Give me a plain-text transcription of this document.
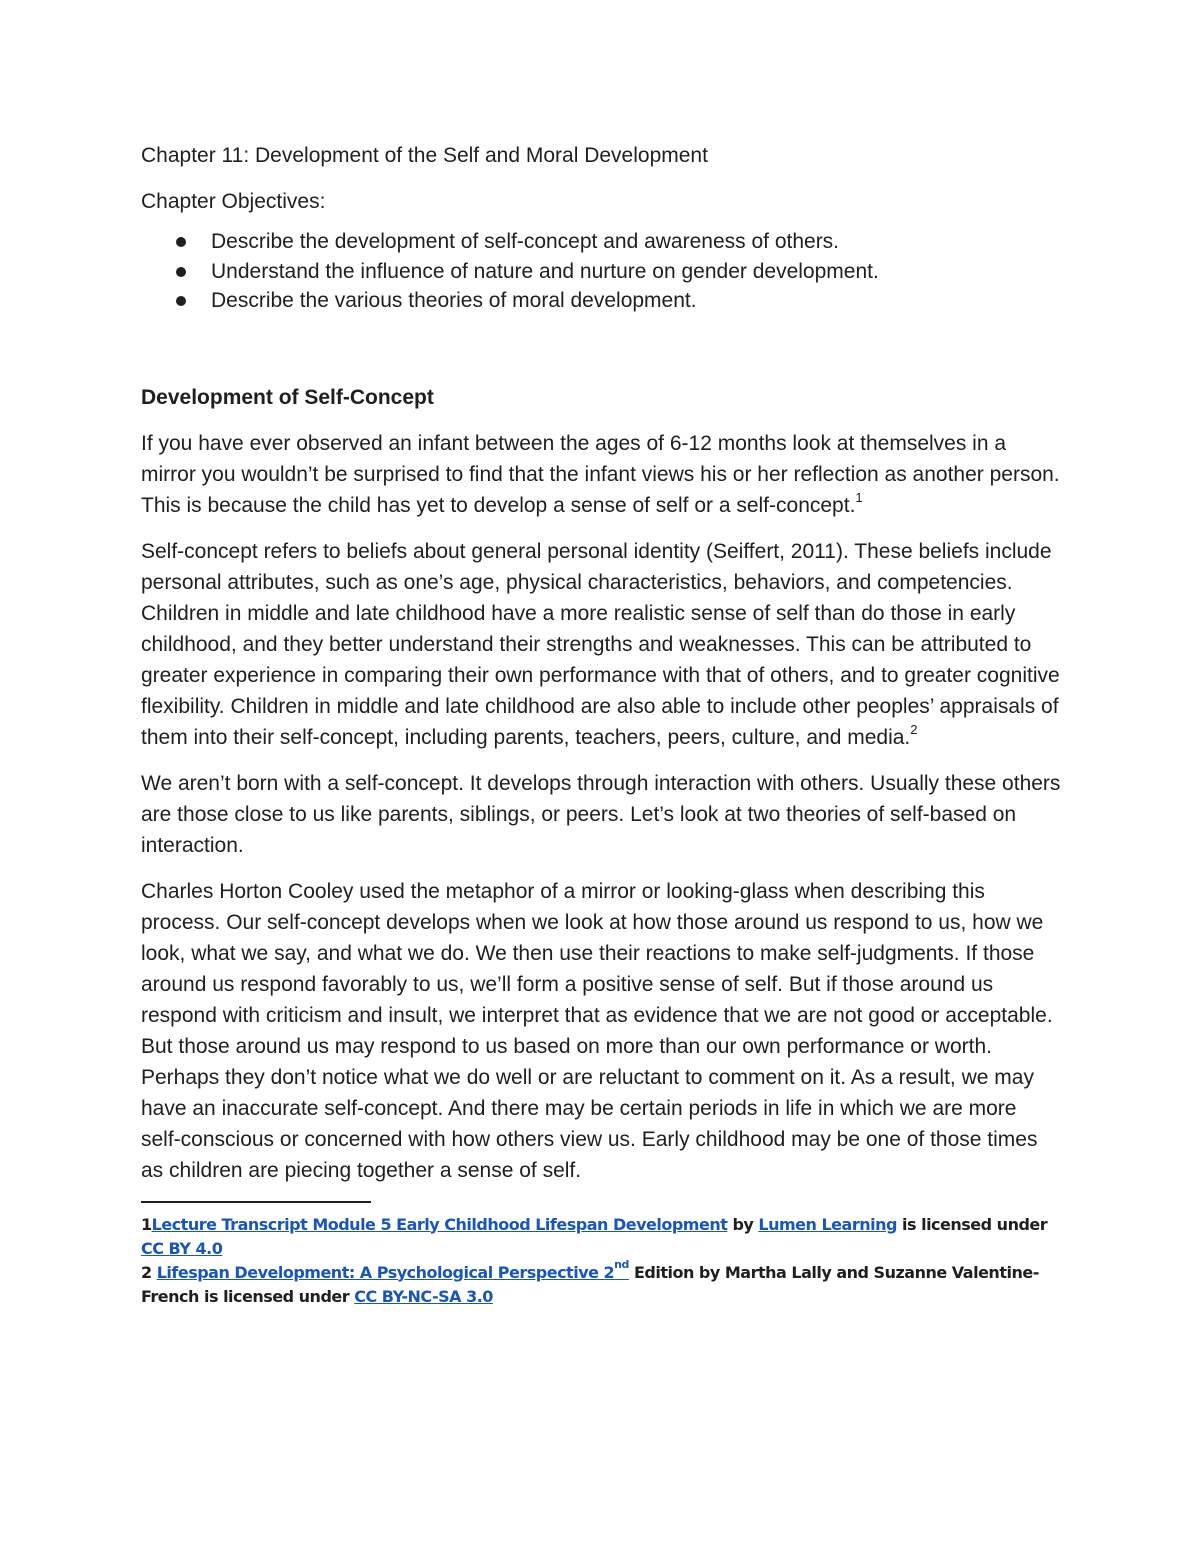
Chapter 11: Development of the Self and Moral Development
Chapter Objectives:
Describe the development of self-concept and awareness of others.
Understand the influence of nature and nurture on gender development.
Describe the various theories of moral development.
Development of Self-Concept

If you have ever observed an infant between the ages of 6-12 months look at themselves in a mirror you wouldn’t be surprised to find that the infant views his or her reflection as another person. This is because the child has yet to develop a sense of self or a self-concept.$^1$

Self-concept refers to beliefs about general personal identity (Seiffert, 2011). These beliefs include personal attributes, such as one’s age, physical characteristics, behaviors, and competencies. Children in middle and late childhood have a more realistic sense of self than do those in early childhood, and they better understand their strengths and weaknesses. This can be attributed to greater experience in comparing their own performance with that of others, and to greater cognitive flexibility. Children in middle and late childhood are also able to include other peoples’ appraisals of them into their self-concept, including parents, teachers, peers, culture, and media.$^2$

We aren’t born with a self-concept. It develops through interaction with others. Usually these others are those close to us like parents, siblings, or peers. Let’s look at two theories of self-based on interaction.

Charles Horton Cooley used the metaphor of a mirror or looking-glass when describing this process. Our self-concept develops when we look at how those around us respond to us, how we look, what we say, and what we do. We then use their reactions to make self-judgments. If those around us respond favorably to us, we’ll form a positive sense of self. But if those around us respond with criticism and insult, we interpret that as evidence that we are not good or acceptable. But those around us may respond to us based on more than our own performance or worth. Perhaps they don’t notice what we do well or are reluctant to comment on it. As a result, we may have an inaccurate self-concept. And there may be certain periods in life in which we are more self-conscious or concerned with how others view us. Early childhood may be one of those times as children are piecing together a sense of self.

1Lecture Transcript Module 5 Early Childhood Lifespan Development by Lumen Learning is licensed under CC BY 4.0
2 Lifespan Development: A Psychological Perspective 2nd Edition by Martha Lally and Suzanne Valentine-French is licensed under CC BY-NC-SA 3.0
